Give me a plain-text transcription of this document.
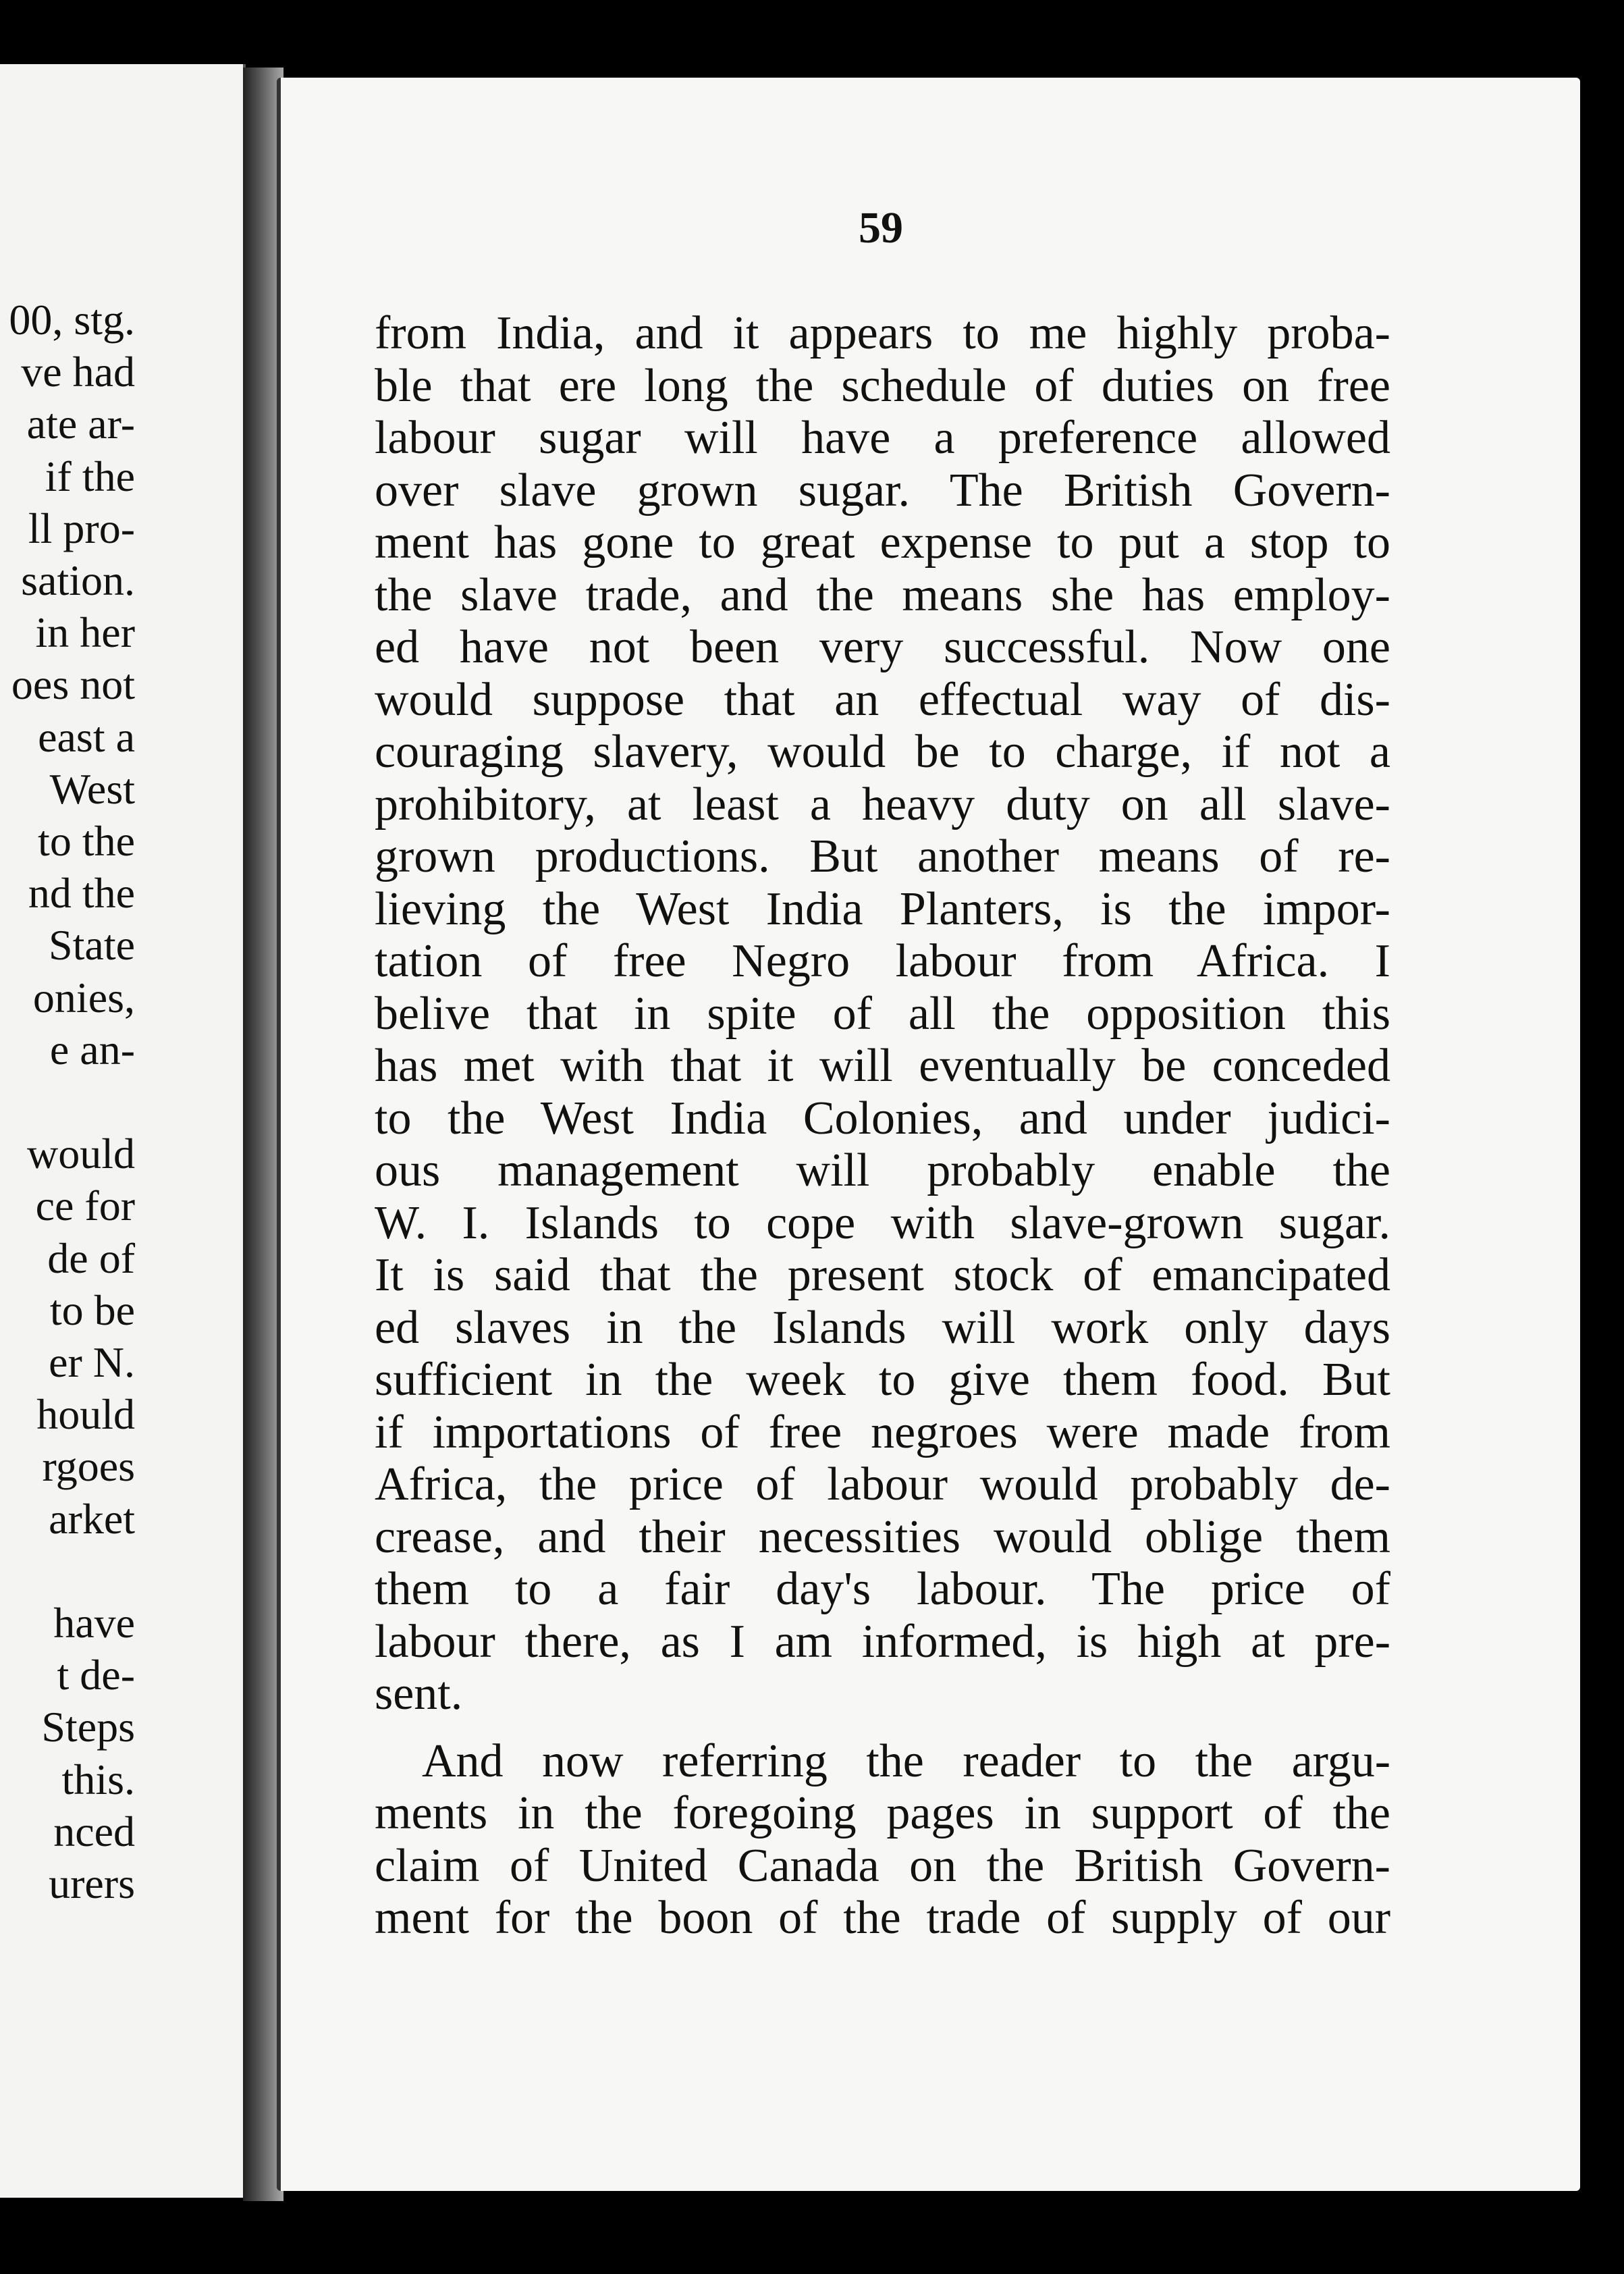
00, stg.
ve had
ate ar-
if the
ll pro-
sation.
in her
oes not
east a
West
to the
nd the
State
onies,
e an-
would
ce for
de of
to be
er N.
hould
rgoes
arket
have
t de-
Steps
this.
nced
urers
59
from India, and it appears to me highly proba-
ble that ere long the schedule of duties on free
labour sugar will have a preference allowed
over slave grown sugar. The British Govern-
ment has gone to great expense to put a stop to
the slave trade, and the means she has employ-
ed have not been very successful. Now one
would suppose that an effectual way of dis-
couraging slavery, would be to charge, if not a
prohibitory, at least a heavy duty on all slave-
grown productions. But another means of re-
lieving the West India Planters, is the impor-
tation of free Negro labour from Africa. I
belive that in spite of all the opposition this
has met with that it will eventually be conceded
to the West India Colonies, and under judici-
ous management will probably enable the
W. I. Islands to cope with slave-grown sugar.
It is said that the present stock of emancipated
ed slaves in the Islands will work only days
sufficient in the week to give them food. But
if importations of free negroes were made from
Africa, the price of labour would probably de-
crease, and their necessities would oblige them
them to a fair day's labour. The price of
labour there, as I am informed, is high at pre-
sent.
And now referring the reader to the argu-
ments in the foregoing pages in support of the
claim of United Canada on the British Govern-
ment for the boon of the trade of supply of our
